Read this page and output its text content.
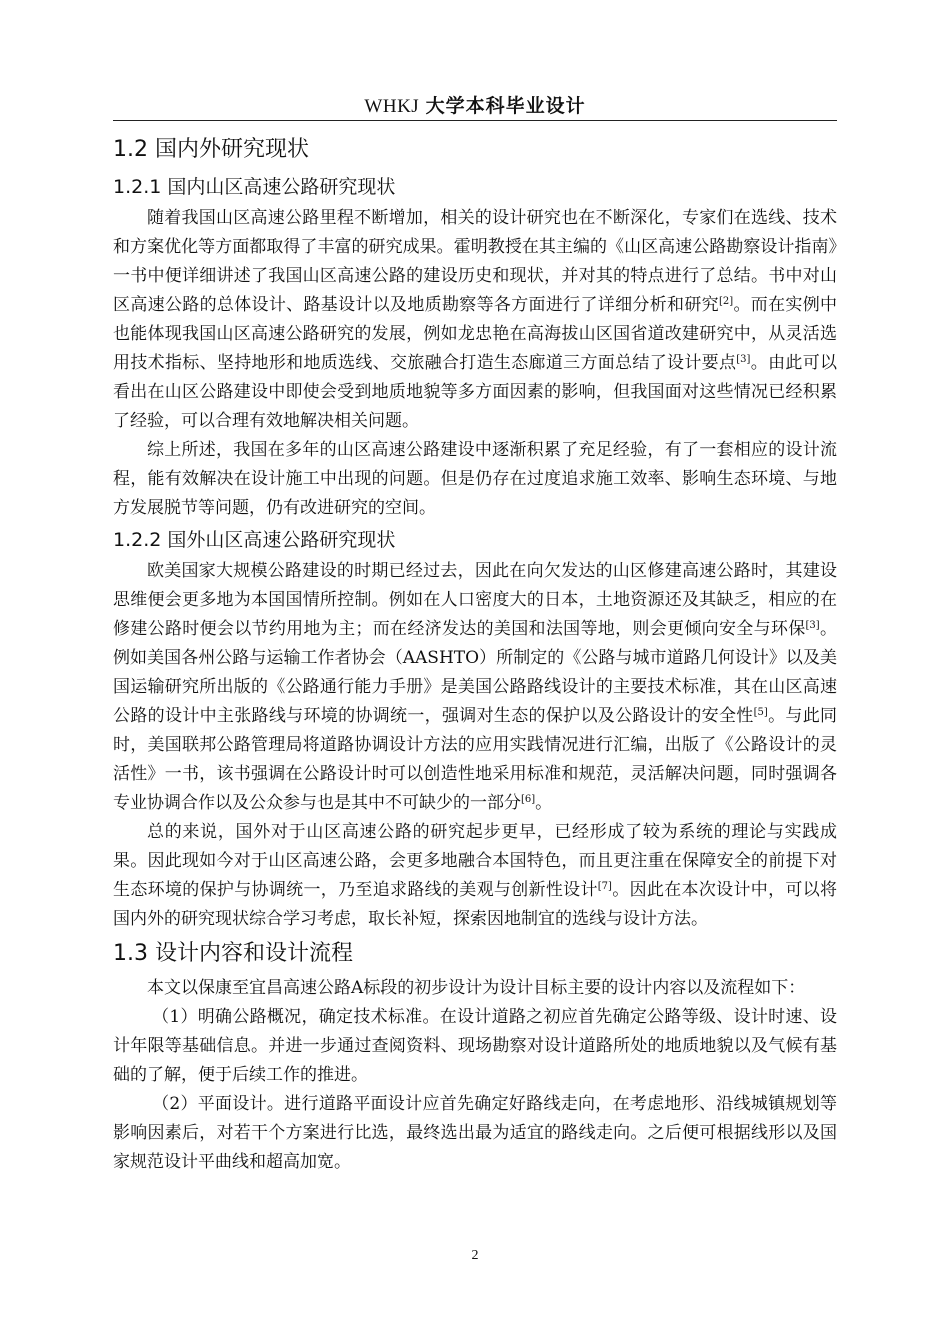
WHKJ 大学本科毕业设计
1.2 国内外研究现状
1.2.1 国内山区高速公路研究现状

随着我国山区高速公路里程不断增加，相关的设计研究也在不断深化，专家们在选线、技术和方案优化等方面都取得了丰富的研究成果。霍明教授在其主编的《山区高速公路勘察设计指南》一书中便详细讲述了我国山区高速公路的建设历史和现状，并对其的特点进行了总结。书中对山区高速公路的总体设计、路基设计以及地质勘察等各方面进行了详细分析和研究[2]。而在实例中也能体现我国山区高速公路研究的发展，例如龙忠艳在高海拔山区国省道改建研究中，从灵活选用技术指标、坚持地形和地质选线、交旅融合打造生态廊道三方面总结了设计要点[3]。由此可以看出在山区公路建设中即使会受到地质地貌等多方面因素的影响，但我国面对这些情况已经积累了经验，可以合理有效地解决相关问题。

综上所述，我国在多年的山区高速公路建设中逐渐积累了充足经验，有了一套相应的设计流程，能有效解决在设计施工中出现的问题。但是仍存在过度追求施工效率、影响生态环境、与地方发展脱节等问题，仍有改进研究的空间。

1.2.2 国外山区高速公路研究现状

欧美国家大规模公路建设的时期已经过去，因此在向欠发达的山区修建高速公路时，其建设思维便会更多地为本国国情所控制。例如在人口密度大的日本，土地资源还及其缺乏，相应的在修建公路时便会以节约用地为主；而在经济发达的美国和法国等地，则会更倾向安全与环保[3]。例如美国各州公路与运输工作者协会（AASHTO）所制定的《公路与城市道路几何设计》以及美国运输研究所出版的《公路通行能力手册》是美国公路路线设计的主要技术标准，其在山区高速公路的设计中主张路线与环境的协调统一，强调对生态的保护以及公路设计的安全性[5]。与此同时，美国联邦公路管理局将道路协调设计方法的应用实践情况进行汇编，出版了《公路设计的灵活性》一书，该书强调在公路设计时可以创造性地采用标准和规范，灵活解决问题，同时强调各专业协调合作以及公众参与也是其中不可缺少的一部分[6]。

总的来说，国外对于山区高速公路的研究起步更早，已经形成了较为系统的理论与实践成果。因此现如今对于山区高速公路，会更多地融合本国特色，而且更注重在保障安全的前提下对生态环境的保护与协调统一，乃至追求路线的美观与创新性设计[7]。因此在本次设计中，可以将国内外的研究现状综合学习考虑，取长补短，探索因地制宜的选线与设计方法。

1.3 设计内容和设计流程

本文以保康至宜昌高速公路A标段的初步设计为设计目标主要的设计内容以及流程如下：

（1）明确公路概况，确定技术标准。在设计道路之初应首先确定公路等级、设计时速、设计年限等基础信息。并进一步通过查阅资料、现场勘察对设计道路所处的地质地貌以及气候有基础的了解，便于后续工作的推进。

（2）平面设计。进行道路平面设计应首先确定好路线走向，在考虑地形、沿线城镇规划等影响因素后，对若干个方案进行比选，最终选出最为适宜的路线走向。之后便可根据线形以及国家规范设计平曲线和超高加宽。

2
